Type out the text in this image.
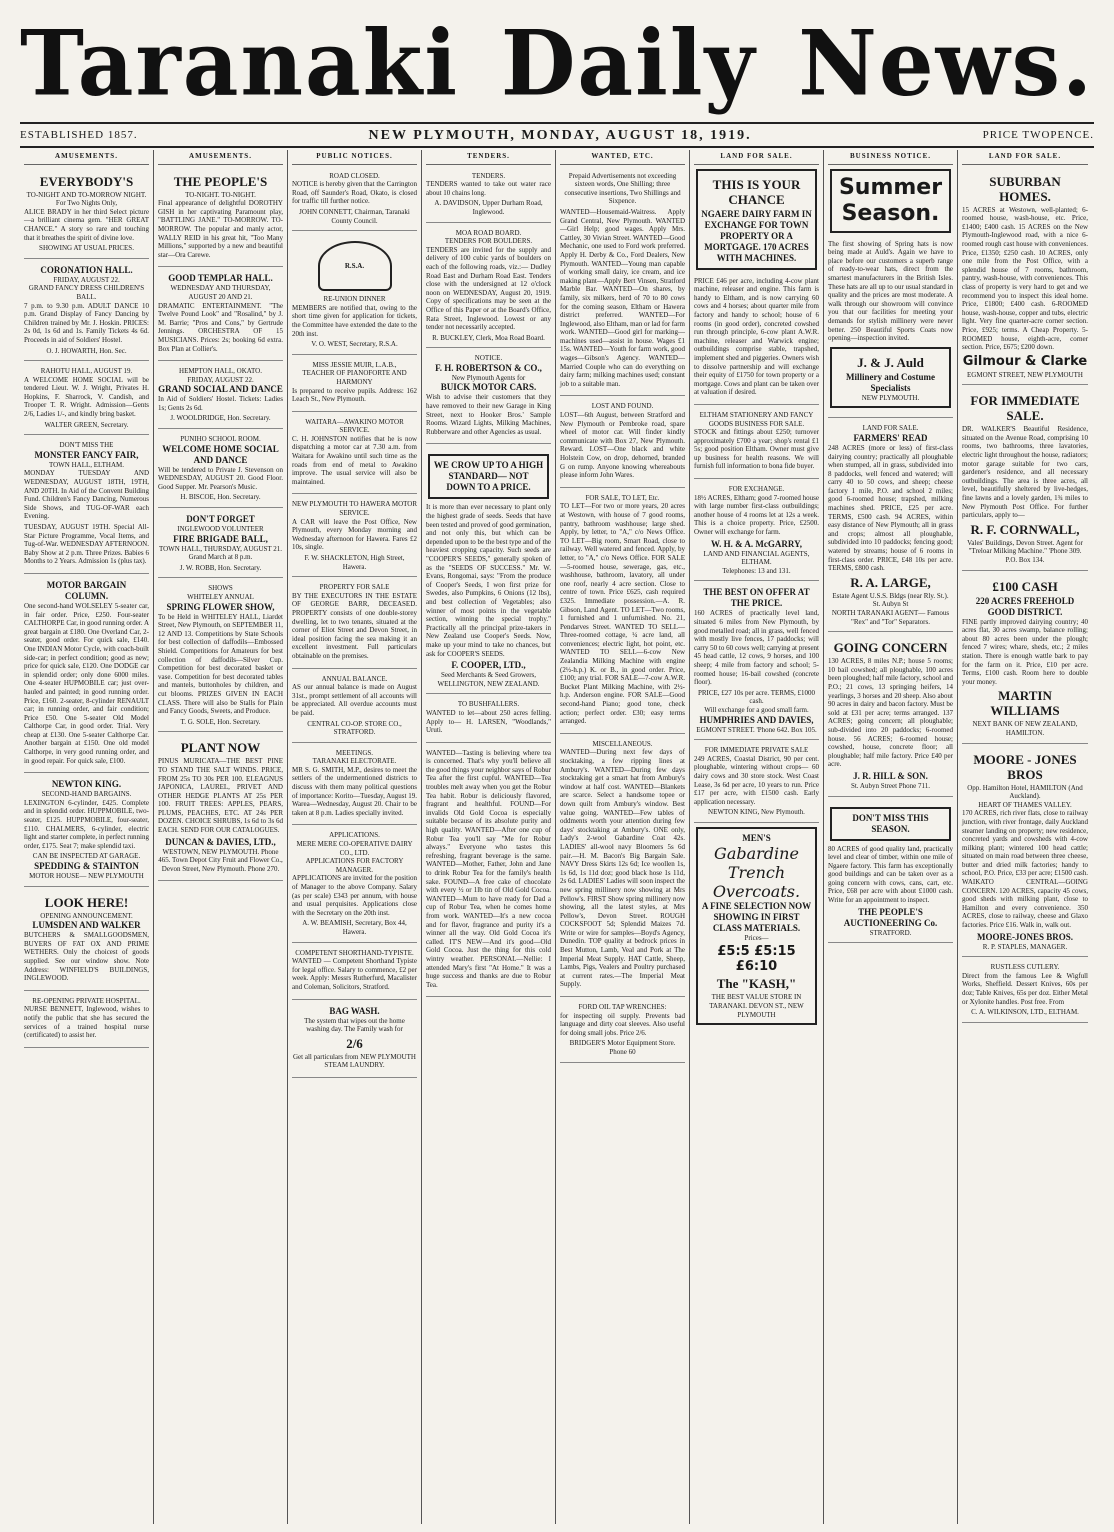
Taranaki Daily News.
ESTABLISHED 1857.	NEW PLYMOUTH, MONDAY, AUGUST 18, 1919.	PRICE TWOPENCE.
AMUSEMENTS.
EVERYBODY'S
TO-NIGHT AND TO-MORROW NIGHT.
For Two Nights Only,
ALICE BRADY in her third Select picture—a brilliant cinema gem. "HER GREAT CHANCE." A story so rare and touching that it breathes the spirit of divine love.
SHOWING AT USUAL PRICES.
CORONATION HALL.
FRIDAY, AUGUST 22.
GRAND FANCY DRESS CHILDREN'S BALL.
7 p.m. to 9.30 p.m. ADULT DANCE 10 p.m. Grand Display of Fancy Dancing by Children trained by Mr. J. Hoskin. PRICES: 2s 0d, 1s 6d and 1s. Family Tickets 4s 6d. Proceeds in aid of Soldiers' Hostel.
O. J. HOWARTH, Hon. Sec.
RAHOTU HALL, AUGUST 19.
A WELCOME HOME SOCIAL will be tendered Lieut. W. J. Wright, Privates H. Hopkins, F. Sharrock, V. Candish, and Trooper T. R. Wright. Admission—Gents 2/6, Ladies 1/-, and kindly bring basket.
WALTER GREEN, Secretary.
DON'T MISS THE
MONSTER FANCY FAIR,
TOWN HALL, ELTHAM.
MONDAY TUESDAY AND WEDNESDAY, AUGUST 18TH, 19TH, AND 20TH. In Aid of the Convent Building Fund. Children's Fancy Dancing, Numerous Side Shows, and TUG-OF-WAR each Evening.
TUESDAY, AUGUST 19TH. Special All-Star Picture Programme, Vocal Items, and Tug-of-War. WEDNESDAY AFTERNOON. Baby Show at 2 p.m. Three Prizes. Babies 6 Months to 2 Years. Admission 1s (plus tax).
MOTOR BARGAIN COLUMN.
One second-hand WOLSELEY 5-seater car, in fair order. Price, £250. Four-seater CALTHORPE Car, in good running order. A great bargain at £180. One Overland Car, 2-seater, good order. For quick sale, £140. One INDIAN Motor Cycle, with coach-built side-car; in perfect condition; good as new; price for quick sale, £120. One DODGE car in splendid order; only done 6000 miles. One 4-seater HUPMOBILE car; just over-hauled and painted; in good running order. Price, £160. 2-seater, 8-cylinder RENAULT car; in running order, and fair condition; Price £50. One 5-seater Old Model Calthorpe Car, in good order. Trial. Very cheap at £130. One 5-seater Calthorpe Car. Another bargain at £150. One old model Calthorpe, in very good running order, and in good repair. For quick sale, £100.
NEWTON KING.
SECOND-HAND BARGAINS.
LEXINGTON 6-cylinder, £425. Complete and in splendid order. HUPPMOBILE, two-seater, £125. HUPPMOBILE, four-seater, £110. CHALMERS, 6-cylinder, electric light and starter complete, in perfect running order, £175. Seat 7; make splendid taxi.
CAN BE INSPECTED AT GARAGE.
SPEDDING & STAINTON
MOTOR HOUSE— NEW PLYMOUTH
LOOK HERE!
OPENING ANNOUNCEMENT.
LUMSDEN AND WALKER
BUTCHERS & SMALLGOODSMEN, BUYERS OF FAT OX AND PRIME WETHERS. Only the choicest of goods supplied. See our window show. Note Address: WINFIELD'S BUILDINGS, INGLEWOOD.
RE-OPENING PRIVATE HOSPITAL.
NURSE BENNETT, Inglewood, wishes to notify the public that she has secured the services of a trained hospital nurse (certificated) to assist her.
AMUSEMENTS.
THE PEOPLE'S
TO-NIGHT. TO-NIGHT.
Final appearance of delightful DOROTHY GISH in her captivating Paramount play, "BATTLING JANE." TO-MORROW. TO-MORROW. The popular and manly actor, WALLY REID in his great hit, "Too Many Millions," supported by a new and beautiful star—Ora Carewe.
GOOD TEMPLAR HALL.
WEDNESDAY AND THURSDAY, AUGUST 20 AND 21.
DRAMATIC ENTERTAINMENT. "The Twelve Pound Look" and "Rosalind," by J. M. Barrie; "Pros and Cons," by Gertrude Jennings. ORCHESTRA OF 15 MUSICIANS. Prices: 2s; booking 6d extra. Box Plan at Collier's.
HEMPTON HALL, OKATO.
FRIDAY, AUGUST 22.
GRAND SOCIAL AND DANCE
In Aid of Soldiers' Hostel. Tickets: Ladies 1s; Gents 2s 6d.
J. WOOLDRIDGE, Hon. Secretary.
PUNIHO SCHOOL ROOM.
WELCOME HOME SOCIAL AND DANCE
Will be tendered to Private J. Stevenson on WEDNESDAY, AUGUST 20. Good Floor. Good Supper. Mr. Pearson's Music.
H. BISCOE, Hon. Secretary.
DON'T FORGET
INGLEWOOD VOLUNTEER
FIRE BRIGADE BALL,
TOWN HALL, THURSDAY, AUGUST 21. Grand March at 8 p.m.
J. W. ROBB, Hon. Secretary.
SHOWS
WHITELEY ANNUAL
SPRING FLOWER SHOW,
To be Held in WHITELEY HALL, Liardet Street, New Plymouth, on SEPTEMBER 11, 12 AND 13. Competitions by State Schools for best collection of daffodils—Embossed Shield. Competitions for Amateurs for best collection of daffodils—Silver Cup. Competition for best decorated basket or vase. Competition for best decorated tables and mantels, buttonholes by children, and cut blooms. PRIZES GIVEN IN EACH CLASS. There will also be Stalls for Plain and Fancy Goods, Sweets, and Produce.
T. G. SOLE, Hon. Secretary.
PLANT NOW
PINUS MURICATA—THE BEST PINE TO STAND THE SALT WINDS. PRICE, FROM 25s TO 30s PER 100. ELEAGNUS JAPONICA, LAUREL, PRIVET AND OTHER HEDGE PLANTS AT 25s PER 100. FRUIT TREES: APPLES, PEARS, PLUMS, PEACHES, ETC. AT 24s PER DOZEN. CHOICE SHRUBS, 1s 6d to 3s 6d EACH. SEND FOR OUR CATALOGUES.
DUNCAN & DAVIES, LTD.,
WESTOWN, NEW PLYMOUTH. Phone 465. Town Depot City Fruit and Flower Co., Devon Street, New Plymouth. Phone 270.
PUBLIC NOTICES.
ROAD CLOSED.
NOTICE is hereby given that the Carrington Road, off Saunder's Road, Okato, is closed for traffic till further notice.
JOHN CONNETT, Chairman, Taranaki County Council.
R.S.A.
RE-UNION DINNER
MEMBERS are notified that, owing to the short time given for application for tickets, the Committee have extended the date to the 20th inst.
V. O. WEST, Secretary, R.S.A.
MISS JESSIE MUIR, L.A.B.,
TEACHER OF PIANOFORTE AND HARMONY
Is prepared to receive pupils. Address: 162 Leach St., New Plymouth.
WAITARA—AWAKINO MOTOR SERVICE.
C. H. JOHNSTON notifies that he is now dispatching a motor car at 7.30 a.m. from Waitara for Awakino until such time as the roads from end of metal to Awakino improve. The usual service will also be maintained.
NEW PLYMOUTH TO HAWERA MOTOR SERVICE.
A CAR will leave the Post Office, New Plymouth, every Monday morning and Wednesday afternoon for Hawera. Fares £2 10s, single.
F. W. SHACKLETON, High Street, Hawera.
PROPERTY FOR SALE
BY THE EXECUTORS IN THE ESTATE OF GEORGE BARR, DECEASED. PROPERTY consists of one double-storey dwelling, let to two tenants, situated at the corner of Eliot Street and Devon Street, in ideal position facing the sea making it an excellent investment. Full particulars obtainable on the premises.
ANNUAL BALANCE.
AS our annual balance is made on August 31st., prompt settlement of all accounts will be appreciated. All overdue accounts must be paid.
CENTRAL CO-OP. STORE CO., STRATFORD.
MEETINGS.
TARANAKI ELECTORATE.
MR S. G. SMITH, M.P., desires to meet the settlers of the undermentioned districts to discuss with them many political questions of importance: Korito—Tuesday, August 19. Warea—Wednesday, August 20. Chair to be taken at 8 p.m. Ladies specially invited.
APPLICATIONS.
MERE MERE CO-OPERATIVE DAIRY CO., LTD.
APPLICATIONS FOR FACTORY MANAGER.
APPLICATIONS are invited for the position of Manager to the above Company. Salary (as per scale) £343 per annum, with house and usual perquisites. Applications close with the Secretary on the 20th inst.
A. W. BEAMISH, Secretary, Box 44, Hawera.
COMPETENT SHORTHAND-TYPISTE.
WANTED — Competent Shorthand Typiste for legal office. Salary to commence, £2 per week. Apply: Messrs Rutherfurd, Macalister and Coleman, Solicitors, Stratford.
BAG WASH.
The system that wipes out the home washing day. The Family wash for
2/6
Get all particulars from NEW PLYMOUTH STEAM LAUNDRY.
TENDERS.
TENDERS.
TENDERS wanted to take out water race about 10 chains long.
A. DAVIDSON, Upper Durham Road, Inglewood.
MOA ROAD BOARD.
TENDERS FOR BOULDERS.
TENDERS are invited for the supply and delivery of 100 cubic yards of boulders on each of the following roads, viz.:— Dudley Road East and Durham Road East. Tenders close with the undersigned at 12 o'clock noon on WEDNESDAY, August 20, 1919. Copy of specifications may be seen at the Office of this Paper or at the Board's Office, Rata Street, Inglewood. Lowest or any tender not necessarily accepted.
R. BUCKLEY, Clerk, Moa Road Board.
NOTICE.
F. H. ROBERTSON & CO.,
New Plymouth Agents for
BUICK MOTOR CARS.
Wish to advise their customers that they have removed to their new Garage in King Street, next to Hooker Bros.' Sample Rooms. Wizard Lights, Milking Machines, Rubberware and other Agencies as usual.
WE CROW UP TO A HIGH STANDARD— NOT DOWN TO A PRICE.
It is more than ever necessary to plant only the highest grade of seeds. Seeds that have been tested and proved of good germination, and not only this, but which can be depended upon to be the best type and of the heaviest cropping capacity. Such seeds are "COOPER'S SEEDS," generally spoken of as the "SEEDS OF SUCCESS." Mr. W. Evans, Rongomai, says: "From the produce of Cooper's Seeds, I won first prize for Swedes, also Pumpkins, 6 Onions (12 lbs), and best collection of Vegetables; also winner of most points in the vegetable section, winning the special trophy." Practically all the principal prize-takers in New Zealand use Cooper's Seeds. Now, make up your mind to take no chances, but ask for COOPER'S SEEDS.
F. COOPER, LTD.,
Seed Merchants & Seed Growers, WELLINGTON, NEW ZEALAND.
TO BUSHFALLERS.
WANTED to let—about 250 acres felling. Apply to— H. LARSEN, "Woodlands," Uruti.
WANTED—Tasting is believing where tea is concerned. That's why you'll believe all the good things your neighbor says of Robur Tea after the first cupful. WANTED—Tea troubles melt away when you get the Robur Tea habit. Robur is deliciously flavored, fragrant and healthful. FOUND—For invalids Old Gold Cocoa is especially suitable because of its absolute purity and high quality. WANTED—After one cup of Robur Tea you'll say "Me for Robur always." Everyone who tastes this refreshing, fragrant beverage is the same. WANTED—Mother, Father, John and Jane to drink Robur Tea for the family's health sake. FOUND—A free cake of chocolate with every ½ or 1lb tin of Old Gold Cocoa. WANTED—Mum to have ready for Dad a cup of Robur Tea, when he comes home from work. WANTED—It's a new cocoa and for flavor, fragrance and purity it's a winner all the way. Old Gold Cocoa it's called. IT'S NEW—And it's good—Old Gold Cocoa. Just the thing for this cold wintry weather. PERSONAL—Nellie: I attended Mary's first "At Home." It was a huge success and thanks are due to Robur Tea.
WANTED, ETC.
Prepaid Advertisements not exceeding sixteen words, One Shilling; three consecutive insertions, Two Shillings and Sixpence.
WANTED—Housemaid-Waitress. Apply Grand Central, New Plymouth. WANTED—Girl Help; good wages. Apply Mrs. Cattley, 30 Vivian Street. WANTED—Good Mechanic, one used to Ford work preferred. Apply H. Derby & Co., Ford Dealers, New Plymouth. WANTED—Young man capable of working small dairy, ice cream, and ice making plant—Apply Bert Vinsen, Stratford Marble Bar. WANTED—On shares, by family, six milkers, herd of 70 to 80 cows for the coming season, Eltham or Hawera district preferred. WANTED—For Inglewood, also Eltham, man or lad for farm work. WANTED—Good girl for marking—machines used—assist in house. Wages £1 15s. WANTED—Youth for farm work, good wages—Gibson's Agency. WANTED—Married Couple who can do everything on dairy farm; milking machines used; constant job to a suitable man.
LOST AND FOUND.
LOST—6th August, between Stratford and New Plymouth or Pembroke road, spare wheel of motor car. Will finder kindly communicate with Box 27, New Plymouth. Reward. LOST—One black and white Holstein Cow, on drop, dehorned, branded G on rump. Anyone knowing whereabouts please inform John Wares.
FOR SALE, TO LET, Etc.
TO LET—For two or more years, 20 acres at Westown, with house of 7 good rooms, pantry, bathroom washhouse; large shed. Apply, by letter, to "A," c/o News Office. TO LET—Big room, Smart Road, close to railway. Well watered and fenced. Apply, by letter, to "A," c/o News Office. FOR SALE—5-roomed house, sewerage, gas, etc., washhouse, bathroom, lavatory, all under one roof, nearly 4 acre section. Close to centre of town. Price £625, cash required £325. Immediate possession.—A. R. Gibson, Land Agent. TO LET—Two rooms, 1 furnished and 1 unfurnished. No. 21, Pendarves Street. WANTED TO SELL—Three-roomed cottage, ¼ acre land, all conveniences; electric light, hot point, etc. WANTED TO SELL—6-cow New Zealandia Milking Machine with engine (2½-h.p.) K. or B., in good order. Price, £100; any trial. FOR SALE—7-cow A.W.R. Bucket Plant Milking Machine, with 2½-h.p. Anderson engine. FOR SALE—Good second-hand Piano; good tone, check action; perfect order. £30; easy terms arranged.
MISCELLANEOUS.
WANTED—During next few days of stocktaking, a few ripping lines at Ambury's. WANTED—During few days stocktaking get a smart hat from Ambury's window at half cost. WANTED—Blankets are scarce. Select a handsome topee or down quilt from Ambury's window. Best value going. WANTED—Few tables of oddments worth your attention during few days' stocktaking at Ambury's. ONE only, Lady's 2-wool Gabardine Coat 42s. LADIES' all-wool navy Bloomers 5s 6d pair.—H. M. Bacon's Big Bargain Sale. NAVY Dress Skirts 12s 6d; Ice woollen 1s, 1s 6d, 1s 11d doz; good black hose 1s 11d, 2s 6d. LADIES' Ladies will soon inspect the new spring millinery now showing at Mrs Pellow's. FIRST Show spring millinery now showing, all the latest styles, at Mrs Pellow's, Devon Street. ROUGH COCKSFOOT 5d; Splendid Maizes 7d. Write or wire for samples—Boyd's Agency, Dunedin. TOP quality at bedrock prices in Best Mutton, Lamb, Veal and Pork at The Imperial Meat Supply. HAT Cattle, Sheep, Lambs, Pigs, Vealers and Poultry purchased at current rates.—The Imperial Meat Supply.
FORD OIL TAP WRENCHES:
for inspecting oil supply. Prevents bad language and dirty coat sleeves. Also useful for doing small jobs. Price 2/6.
BRIDGER'S Motor Equipment Store. Phone 60
LAND FOR SALE.
THIS IS YOUR CHANCE
NGAERE DAIRY FARM IN EXCHANGE FOR TOWN PROPERTY OR A MORTGAGE. 170 ACRES WITH MACHINES.
PRICE £46 per acre, including 4-cow plant machine, releaser and engine. This farm is handy to Eltham, and is now carrying 60 cows and 4 horses; about quarter mile from factory and handy to school; house of 6 rooms (in good order), concreted cowshed run through principle, 6-cow plant A.W.R. machine, releaser and Warwick engine; outbuildings comprise stable, trapshed, implement shed and piggeries. Owners wish to dissolve partnership and will exchange their equity of £1750 for town property or a mortgage. Cows and plant can be taken over at valuation if desired.
ELTHAM STATIONERY AND FANCY GOODS BUSINESS FOR SALE.
STOCK and fittings about £250; turnover approximately £700 a year; shop's rental £1 5s; good position Eltham. Owner must give up business for health reasons. We will furnish full information to bona fide buyer.
FOR EXCHANGE.
18½ ACRES, Eltham; good 7-roomed house with large number first-class outbuildings; another house of 4 rooms let at 12s a week. This is a choice property. Price, £2500. Owner will exchange for farm.
W. H. & A. McGARRY,
LAND AND FINANCIAL AGENTS, ELTHAM.
Telephones: 13 and 131.
THE BEST ON OFFER AT THE PRICE.
160 ACRES of practically level land, situated 6 miles from New Plymouth, by good metalled road; all in grass, well fenced with mostly live fences, 17 paddocks; will carry 50 to 60 cows well; carrying at present 45 head cattle, 12 cows, 9 horses, and 100 sheep; 4 mile from factory and school; 5-roomed house; 16-bail cowshed (concrete floor).
PRICE, £27 10s per acre. TERMS, £1000 cash.
Will exchange for a good small farm.
HUMPHRIES AND DAVIES,
EGMONT STREET. 'Phone 642. Box 105.
FOR IMMEDIATE PRIVATE SALE
249 ACRES, Coastal District, 90 per cent. ploughable, wintering without crops— 60 dairy cows and 30 store stock. West Coast Lease, 3s 6d per acre, 10 years to run. Price £17 per acre, with £1500 cash. Early application necessary.
NEWTON KING, New Plymouth.
MEN'S
Gabardine Trench Overcoats.
A FINE SELECTION NOW SHOWING IN FIRST CLASS MATERIALS.
Prices—
£5:5 £5:15 £6:10
The "KASH,"
THE BEST VALUE STORE IN TARANAKI. DEVON ST., NEW PLYMOUTH
BUSINESS NOTICE.
Summer Season.
The first showing of Spring hats is now being made at Auld's. Again we have to place before our customers a superb range of ready-to-wear hats, direct from the smartest manufacturers in the British Isles. These hats are all up to our usual standard in quality and the prices are most moderate. A walk through our showroom will convince you that our facilities for meeting your demands for stylish millinery were never better. 250 Beautiful Sports Coats now opening—inspection invited.
J. & J. Auld
Millinery and Costume Specialists
NEW PLYMOUTH.
LAND FOR SALE.
FARMERS' READ
248 ACRES (more or less) of first-class dairying country; practically all ploughable when stumped, all in grass, subdivided into 8 paddocks, well fenced and watered; will carry 40 to 50 cows, and sheep; cheese factory 1 mile, P.O. and school 2 miles; good 6-roomed house; trapshed, milking machines shed. PRICE, £25 per acre. TERMS, £500 cash. 94 ACRES, within easy distance of New Plymouth; all in grass and crops; almost all ploughable, subdivided into 10 paddocks; fencing good; watered by streams; house of 6 rooms in first-class order. PRICE, £48 10s per acre. TERMS, £800 cash.
R. A. LARGE,
Estate Agent U.S.S. Bldgs (near Rly. St.). St. Aubyn St
NORTH TARANAKI AGENT— Famous "Rex" and "Tor" Separators.
GOING CONCERN
130 ACRES, 8 miles N.P.; house 5 rooms; 10 bail cowshed; all ploughable, 100 acres been ploughed; half mile factory, school and P.O.; 21 cows, 13 springing heifers, 14 yearlings, 3 horses and 20 sheep. Also about 90 acres in dairy and bacon factory. Must be sold at £31 per acre; terms arranged. 137 ACRES; going concern; all ploughable; sub-divided into 20 paddocks; 6-roomed house. 56 ACRES; 6-roomed house; cowshed, house, concrete floor; all ploughable; half mile factory. Price £40 per acre.
J. R. HILL & SON.
St. Aubyn Street Phone 711.
DON'T MISS THIS SEASON.
80 ACRES of good quality land, practically level and clear of timber, within one mile of Ngaere factory. This farm has exceptionally good buildings and can be taken over as a going concern with cows, cans, cart, etc. Price, £68 per acre with about £1000 cash. Write for an appointment to inspect.
THE PEOPLE'S AUCTIONEERING Co.
STRATFORD.
LAND FOR SALE.
SUBURBAN HOMES.
15 ACRES at Westown, well-planted; 6-roomed house, wash-house, etc. Price, £1400; £400 cash. 15 ACRES on the New Plymouth-Inglewood road, with a nice 6-roomed rough cast house with conveniences. Price, £1350; £250 cash. 10 ACRES, only one mile from the Post Office, with a splendid house of 7 rooms, bathroom, pantry, wash-house, with conveniences. This class of property is very hard to get and we recommend you to inspect this ideal home. Price, £1800; £400 cash. 6-ROOMED house, wash-house, copper and tubs, electric light. Very fine quarter-acre corner section. Price, £925; terms. A Cheap Property. 5-ROOMED house, eighth-acre, corner section. Price, £675; £200 down.
Gilmour & Clarke
EGMONT STREET, NEW PLYMOUTH
FOR IMMEDIATE SALE.
DR. WALKER'S Beautiful Residence, situated on the Avenue Road, comprising 10 rooms, two bathrooms, three lavatories, electric light throughout the house, radiators; motor garage suitable for two cars, gardener's residence, and all necessary outbuildings. The area is three acres, all level, beautifully sheltered by live-hedges, fine lawns and a lovely garden, 1¾ miles to New Plymouth Post Office. For further particulars, apply to—
R. F. CORNWALL,
Vales' Buildings, Devon Street. Agent for "Treloar Milking Machine." 'Phone 309. P.O. Box 134.
£100 CASH
220 ACRES FREEHOLD GOOD DISTRICT.
FINE partly improved dairying country; 40 acres flat, 30 acres swamp, balance rolling; about 80 acres been under the plough; fenced 7 wires; whare, sheds, etc.; 2 miles station. There is enough wattle bark to pay for the farm on it. Price, £10 per acre. Terms, £100 cash. Room here to double your money.
MARTIN WILLIAMS
NEXT BANK OF NEW ZEALAND, HAMILTON.
MOORE - JONES BROS
Opp. Hamilton Hotel, HAMILTON (And Auckland).
HEART OF THAMES VALLEY.
170 ACRES, rich river flats, close to railway junction, with river frontage, daily Auckland steamer landing on property; new residence, concreted yards and cowsheds with 4-cow milking plant; wintered 100 head cattle; situated on main road between three cheese, butter and dried milk factories; handy to school, P.O. Price, £33 per acre; £1500 cash. WAIKATO CENTRAL—GOING CONCERN. 120 ACRES, capacity 45 cows, good sheds with milking plant, close to Hamilton and every convenience. 350 ACRES, close to railway, cheese and Glaxo factories. Price £16. Walk in, walk out.
MOORE-JONES BROS.
R. P. STAPLES, MANAGER.
RUSTLESS CUTLERY.
Direct from the famous Lee & Wigfull Works, Sheffield. Dessert Knives, 60s per doz; Table Knives, 65s per doz. Either Metal or Xylonite handles. Post free. From
C. A. WILKINSON, LTD., ELTHAM.
